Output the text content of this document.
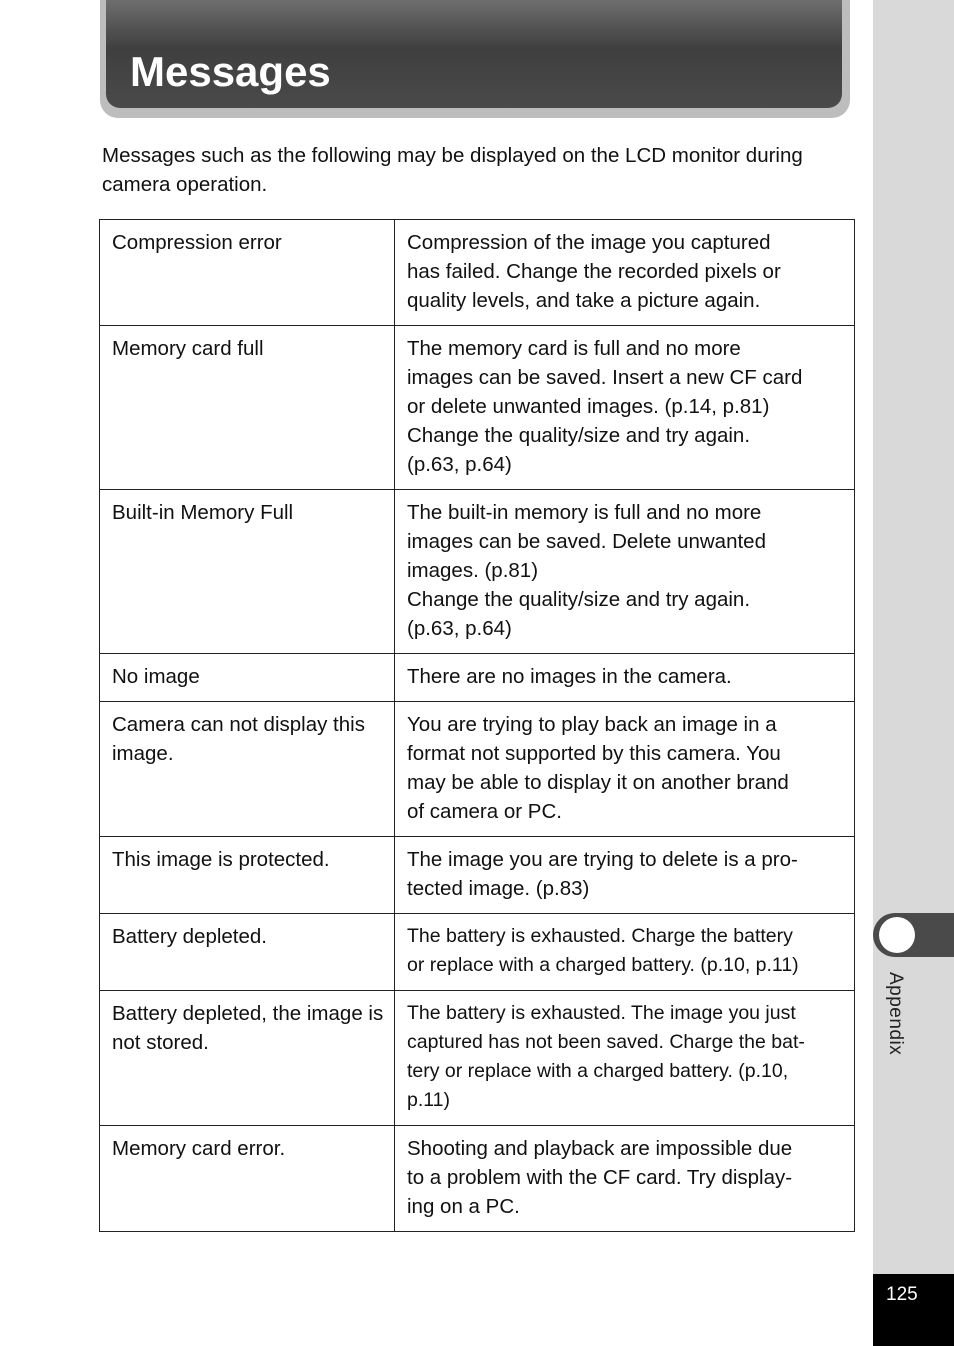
Messages

Messages such as the following may be displayed on the LCD monitor during camera operation.

Compression error	Compression of the image you captured
has failed. Change the recorded pixels or
quality levels, and take a picture again.
Memory card full	The memory card is full and no more
images can be saved. Insert a new CF card
or delete unwanted images. (p.14, p.81)
Change the quality/size and try again.
(p.63, p.64)
Built-in Memory Full	The built-in memory is full and no more
images can be saved. Delete unwanted
images. (p.81)
Change the quality/size and try again.
(p.63, p.64)
No image	There are no images in the camera.
Camera can not display this image.	You are trying to play back an image in a
format not supported by this camera. You
may be able to display it on another brand
of camera or PC.
This image is protected.	The image you are trying to delete is a pro-
tected image. (p.83)
Battery depleted.	The battery is exhausted. Charge the battery
or replace with a charged battery. (p.10, p.11)
Battery depleted, the image is not stored.	The battery is exhausted. The image you just
captured has not been saved. Charge the bat-
tery or replace with a charged battery. (p.10,
p.11)
Memory card error.	Shooting and playback are impossible due
to a problem with the CF card. Try display-
ing on a PC.
Appendix
125
